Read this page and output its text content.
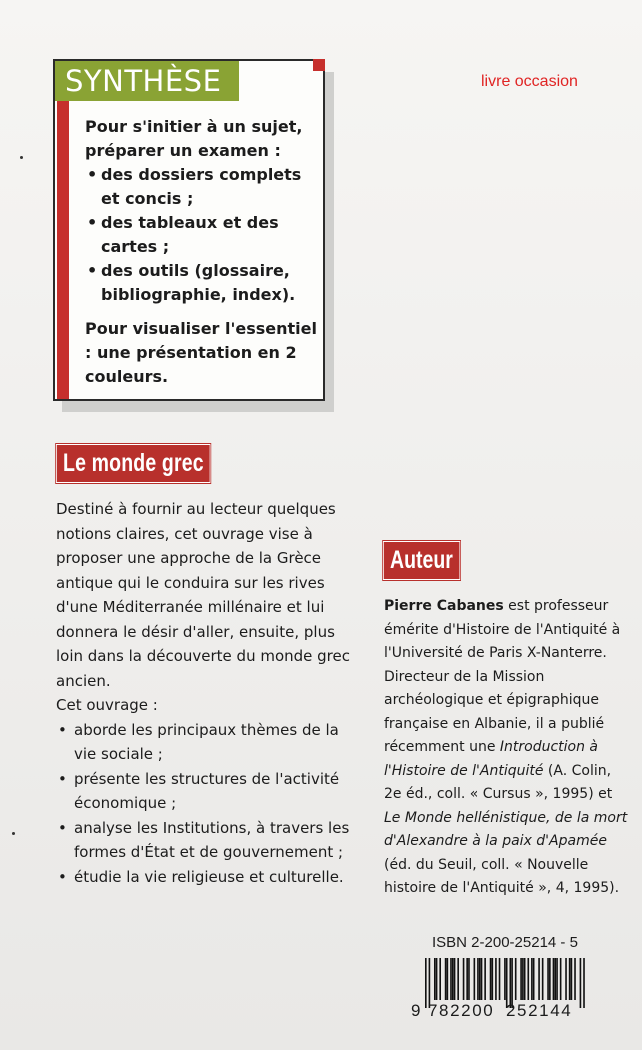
SYNTHÈSE

Pour s'initier à un sujet, préparer un examen :

• des dossiers complets et concis ;
• des tableaux et des cartes ;
• des outils (glossaire, bibliographie, index).

Pour visualiser l'essentiel : une présentation en 2 couleurs.

livre occasion
Le monde grec

Destiné à fournir au lecteur quelques notions claires, cet ouvrage vise à proposer une approche de la Grèce antique qui le conduira sur les rives d'une Méditerranée millénaire et lui donnera le désir d'aller, ensuite, plus loin dans la découverte du monde grec ancien.

Cet ouvrage :

• aborde les principaux thèmes de la vie sociale ;
• présente les structures de l'activité économique ;
• analyse les Institutions, à travers les formes d'État et de gouvernement ;
• étudie la vie religieuse et culturelle.
Auteur
Pierre Cabanes est professeur émérite d'Histoire de l'Antiquité à l'Université de Paris X-Nanterre. Directeur de la Mission archéologique et épigraphique française en Albanie, il a publié récemment une Introduction à l'Histoire de l'Antiquité (A. Colin, 2e éd., coll. « Cursus », 1995) et Le Monde hellénistique, de la mort d'Alexandre à la paix d'Apamée (éd. du Seuil, coll. « Nouvelle histoire de l'Antiquité », 4, 1995).
ISBN 2-200-25214 - 5
9 782200 252144
